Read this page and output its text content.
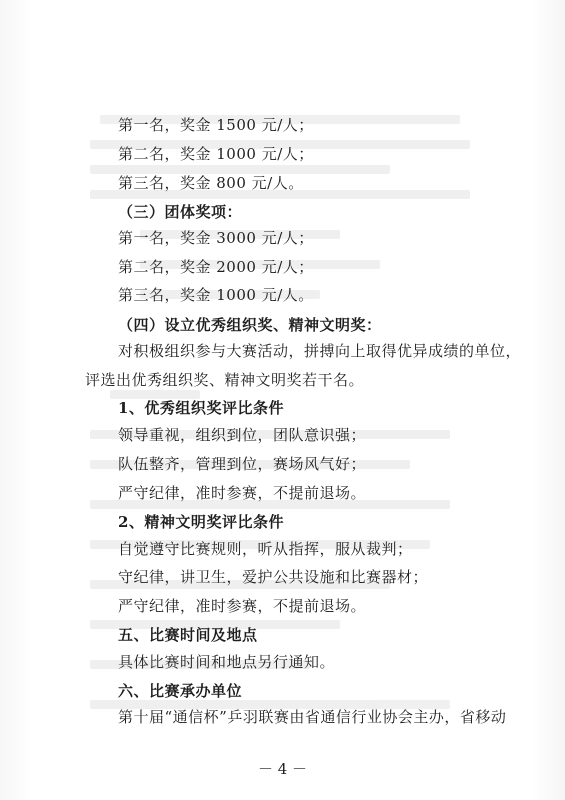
第一名，奖金 1500 元/人；
第二名，奖金 1000 元/人；
第三名，奖金 800 元/人。
（三）团体奖项：
第一名，奖金 3000 元/人；
第二名，奖金 2000 元/人；
第三名，奖金 1000 元/人。
（四）设立优秀组织奖、精神文明奖：
对积极组织参与大赛活动，拼搏向上取得优异成绩的单位，
评选出优秀组织奖、精神文明奖若干名。
1、优秀组织奖评比条件
领导重视，组织到位，团队意识强；
队伍整齐，管理到位，赛场风气好；
严守纪律，准时参赛，不提前退场。
2、精神文明奖评比条件
自觉遵守比赛规则，听从指挥，服从裁判；
守纪律，讲卫生，爱护公共设施和比赛器材；
严守纪律，准时参赛，不提前退场。
五、比赛时间及地点
具体比赛时间和地点另行通知。
六、比赛承办单位
第十届“通信杯”乒羽联赛由省通信行业协会主办，省移动
－ 4 －
